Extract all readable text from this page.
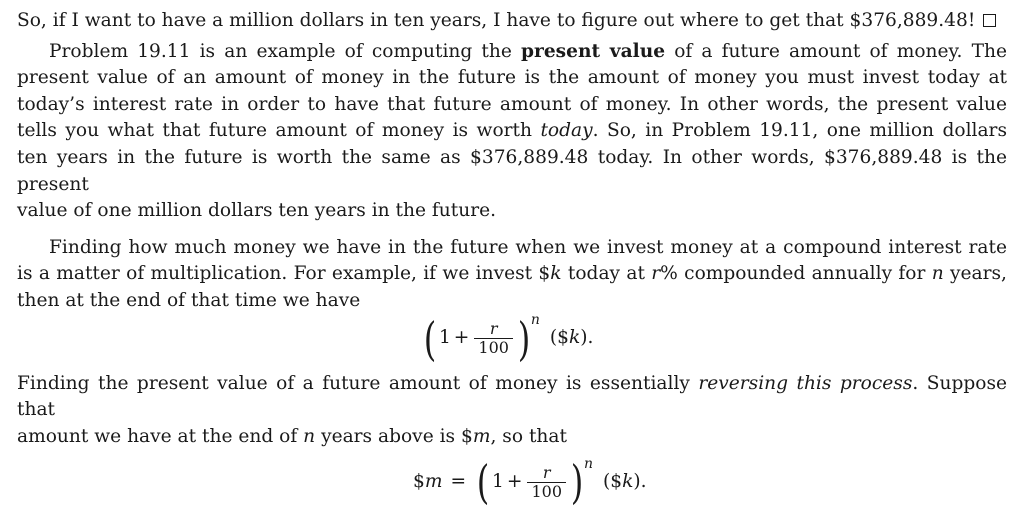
So, if I want to have a million dollars in ten years, I have to figure out where to get that $376,889.48!

Problem 19.11 is an example of computing the present value of a future amount of money. The
present value of an amount of money in the future is the amount of money you must invest today at
today’s interest rate in order to have that future amount of money. In other words, the present value
tells you what that future amount of money is worth today. So, in Problem 19.11, one million dollars
ten years in the future is worth the same as $376,889.48 today. In other words, $376,889.48 is the present
value of one million dollars ten years in the future.

Finding how much money we have in the future when we invest money at a compound interest rate
is a matter of multiplication. For example, if we invest $k today at r% compounded annually for n years,
then at the end of that time we have

( $1 + \frac{r}{100}$ ) n
($k).

Finding the present value of a future amount of money is essentially reversing this process. Suppose that
amount we have at the end of n years above is $m, so that

$m = ( $1 + \frac{r}{100}$ ) n
($k).
